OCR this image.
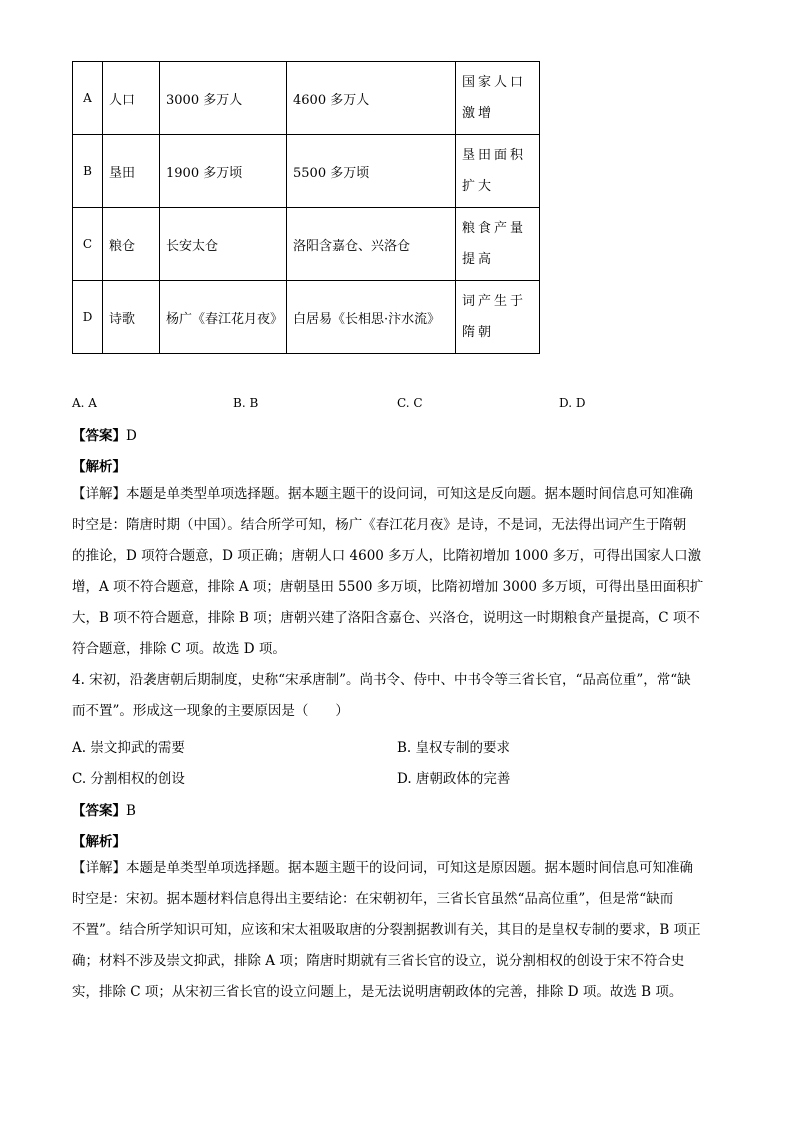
A	人口	3000 多万人	4600 多万人	国家人口
激增

B	垦田	1900 多万顷	5500 多万顷	垦田面积
扩大

C	粮仓	长安太仓	洛阳含嘉仓、兴洛仓	粮食产量
提高

D	诗歌	杨广《春江花月夜》	白居易《长相思·汴水流》	词产生于
隋朝
A. A	B. B	C. C	D. D
【答案】D
【解析】
【详解】本题是单类型单项选择题。据本题主题干的设问词，可知这是反向题。据本题时间信息可知准确
时空是：隋唐时期（中国）。结合所学可知，杨广《春江花月夜》是诗，不是词，无法得出词产生于隋朝
的推论，D 项符合题意，D 项正确；唐朝人口 4600 多万人，比隋初增加 1000 多万，可得出国家人口激
增，A 项不符合题意，排除 A 项；唐朝垦田 5500 多万顷，比隋初增加 3000 多万顷，可得出垦田面积扩
大，B 项不符合题意，排除 B 项；唐朝兴建了洛阳含嘉仓、兴洛仓，说明这一时期粮食产量提高，C 项不
符合题意，排除 C 项。故选 D 项。
4. 宋初，沿袭唐朝后期制度，史称“宋承唐制”。尚书令、侍中、中书令等三省长官，“品高位重”，常“缺
而不置”。形成这一现象的主要原因是（　　）
A. 崇文抑武的需要	B. 皇权专制的要求
C. 分割相权的创设	D. 唐朝政体的完善
【答案】B
【解析】
【详解】本题是单类型单项选择题。据本题主题干的设问词，可知这是原因题。据本题时间信息可知准确
时空是：宋初。据本题材料信息得出主要结论：在宋朝初年，三省长官虽然“品高位重”，但是常“缺而
不置”。结合所学知识可知，应该和宋太祖吸取唐的分裂割据教训有关，其目的是皇权专制的要求，B 项正
确；材料不涉及崇文抑武，排除 A 项；隋唐时期就有三省长官的设立，说分割相权的创设于宋不符合史
实，排除 C 项；从宋初三省长官的设立问题上，是无法说明唐朝政体的完善，排除 D 项。故选 B 项。
